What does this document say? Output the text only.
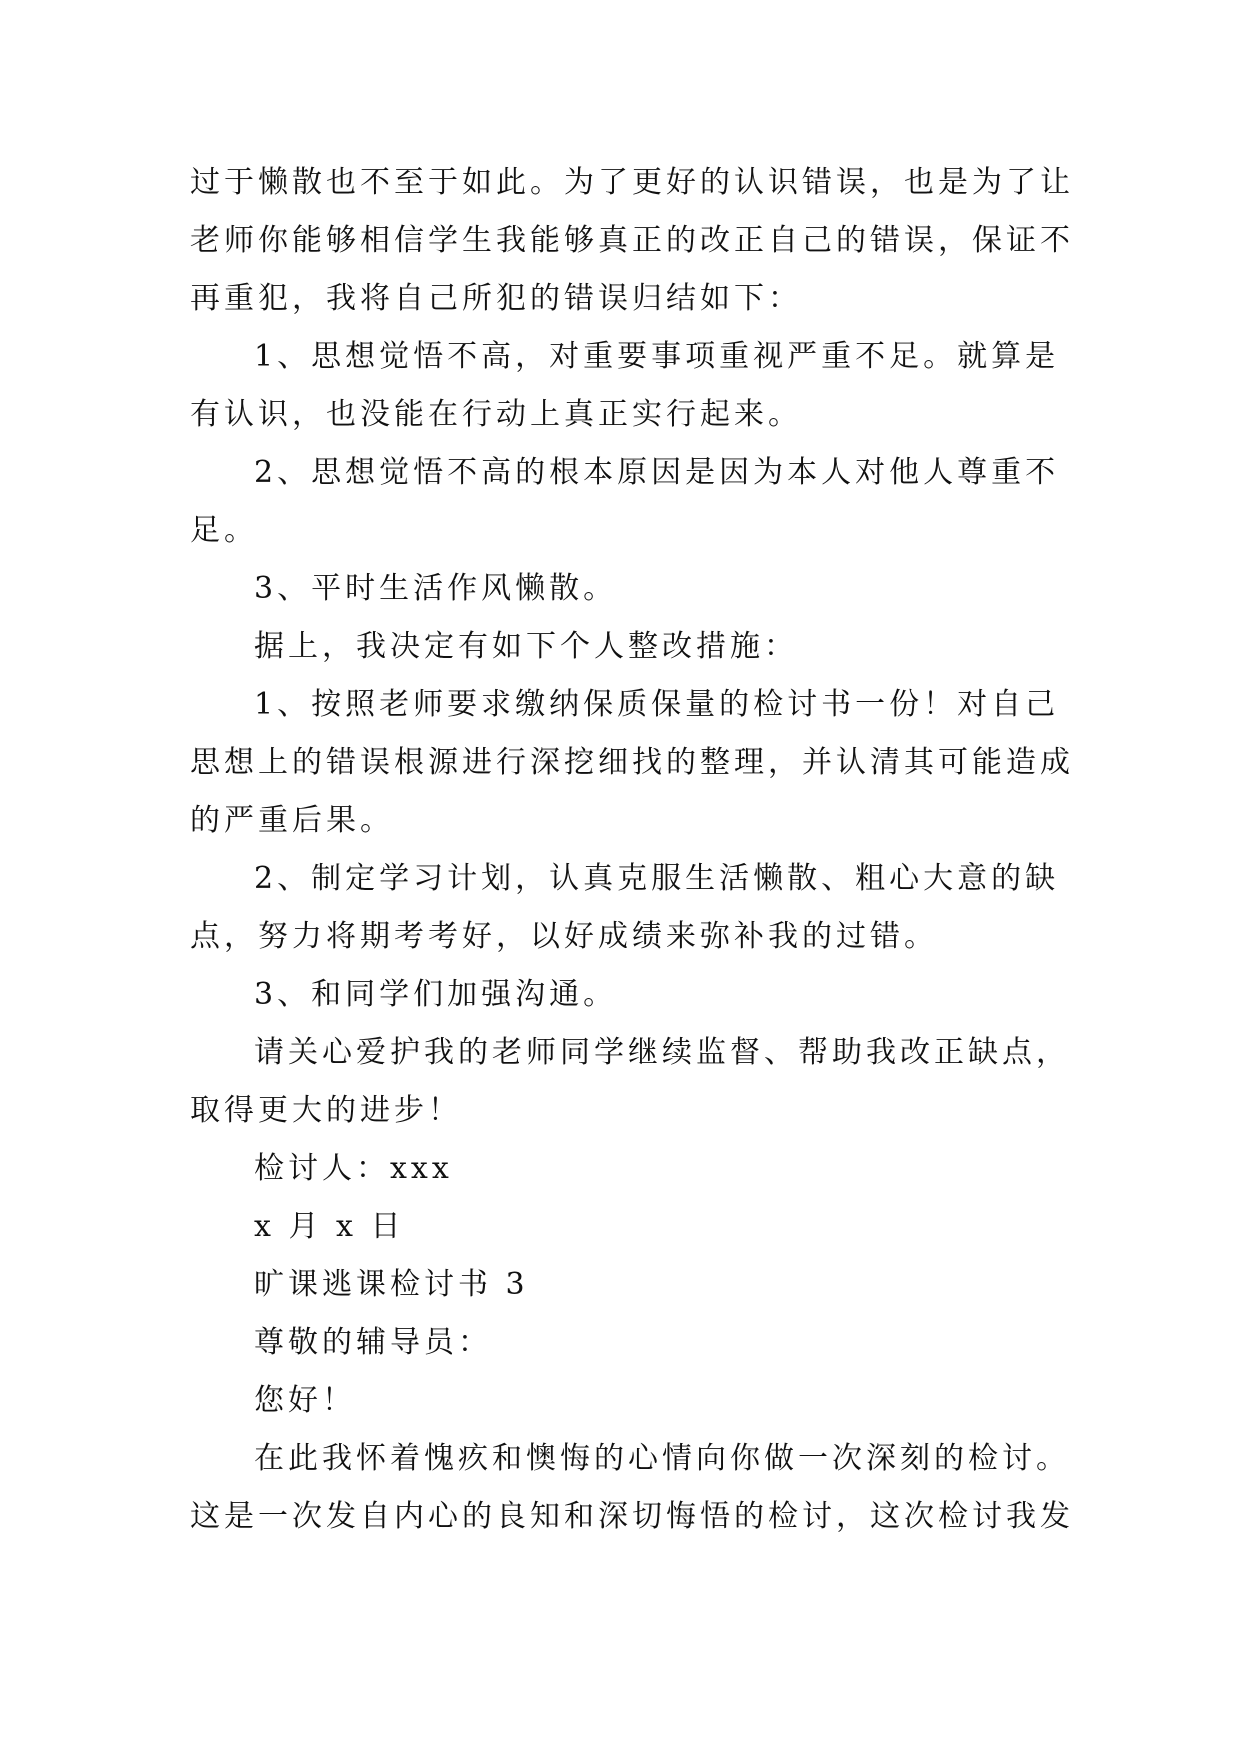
过于懒散也不至于如此。为了更好的认识错误，也是为了让
老师你能够相信学生我能够真正的改正自己的错误，保证不
再重犯，我将自己所犯的错误归结如下：
1、思想觉悟不高，对重要事项重视严重不足。就算是
有认识，也没能在行动上真正实行起来。
2、思想觉悟不高的根本原因是因为本人对他人尊重不
足。
3、平时生活作风懒散。
据上，我决定有如下个人整改措施：
1、按照老师要求缴纳保质保量的检讨书一份！对自己
思想上的错误根源进行深挖细找的整理，并认清其可能造成
的严重后果。
2、制定学习计划，认真克服生活懒散、粗心大意的缺
点，努力将期考考好，以好成绩来弥补我的过错。
3、和同学们加强沟通。
请关心爱护我的老师同学继续监督、帮助我改正缺点，
取得更大的进步！
检讨人：xxx
x 月 x 日
旷课逃课检讨书 3
尊敬的辅导员：
您好！
在此我怀着愧疚和懊悔的心情向你做一次深刻的检讨。
这是一次发自内心的良知和深切悔悟的检讨，这次检讨我发
